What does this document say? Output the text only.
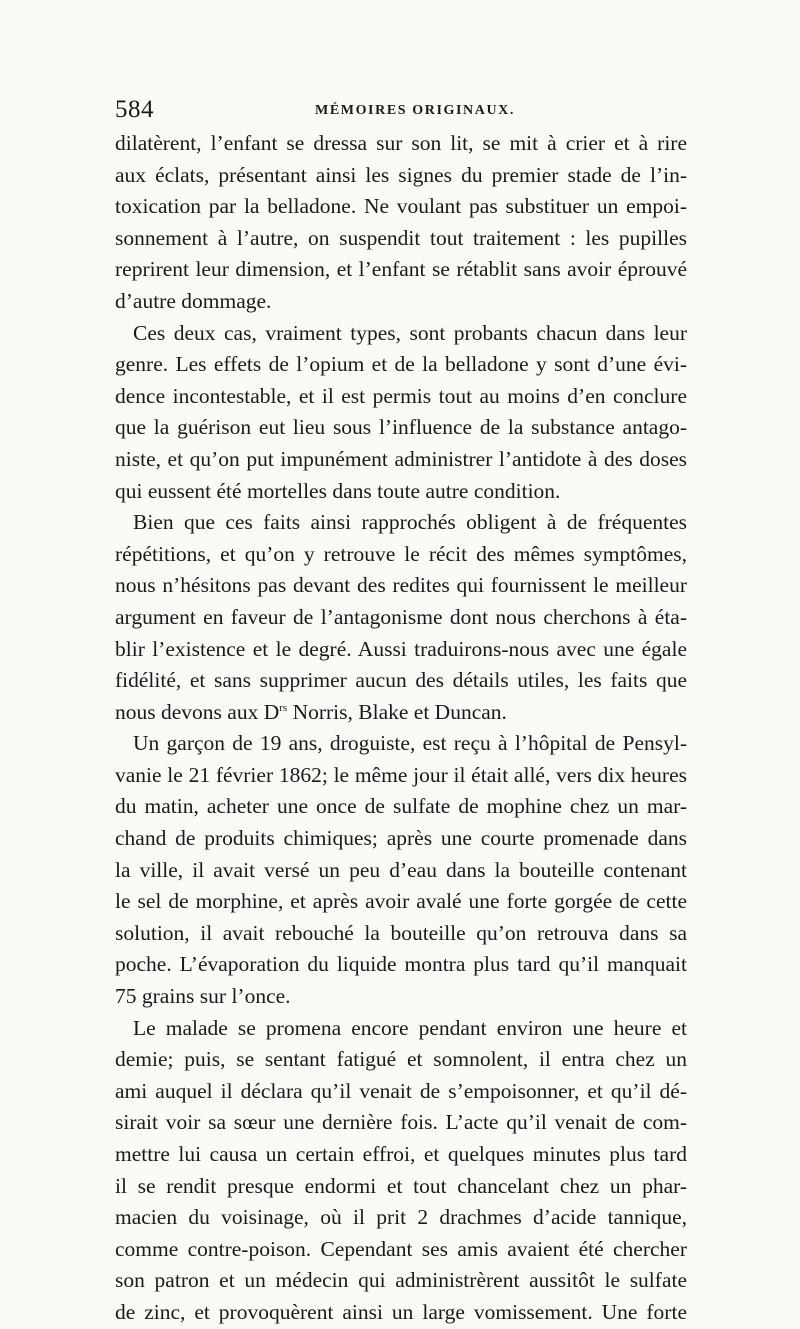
584	MÉMOIRES ORIGINAUX.
dilatèrent, l’enfant se dressa sur son lit, se mit à crier et à rire
aux éclats, présentant ainsi les signes du premier stade de l’in-
toxication par la belladone. Ne voulant pas substituer un empoi-
sonnement à l’autre, on suspendit tout traitement : les pupilles
reprirent leur dimension, et l’enfant se rétablit sans avoir éprouvé
d’autre dommage.
Ces deux cas, vraiment types, sont probants chacun dans leur
genre. Les effets de l’opium et de la belladone y sont d’une évi-
dence incontestable, et il est permis tout au moins d’en conclure
que la guérison eut lieu sous l’influence de la substance antago-
niste, et qu’on put impunément administrer l’antidote à des doses
qui eussent été mortelles dans toute autre condition.
Bien que ces faits ainsi rapprochés obligent à de fréquentes
répétitions, et qu’on y retrouve le récit des mêmes symptômes,
nous n’hésitons pas devant des redites qui fournissent le meilleur
argument en faveur de l’antagonisme dont nous cherchons à éta-
blir l’existence et le degré. Aussi traduirons-nous avec une égale
fidélité, et sans supprimer aucun des détails utiles, les faits que
nous devons aux $D^{rs}$ Norris, Blake et Duncan.
Un garçon de 19 ans, droguiste, est reçu à l’hôpital de Pensyl-
vanie le 21 février 1862; le même jour il était allé, vers dix heures
du matin, acheter une once de sulfate de mophine chez un mar-
chand de produits chimiques; après une courte promenade dans
la ville, il avait versé un peu d’eau dans la bouteille contenant
le sel de morphine, et après avoir avalé une forte gorgée de cette
solution, il avait rebouché la bouteille qu’on retrouva dans sa
poche. L’évaporation du liquide montra plus tard qu’il manquait
75 grains sur l’once.
Le malade se promena encore pendant environ une heure et
demie; puis, se sentant fatigué et somnolent, il entra chez un
ami auquel il déclara qu’il venait de s’empoisonner, et qu’il dé-
sirait voir sa sœur une dernière fois. L’acte qu’il venait de com-
mettre lui causa un certain effroi, et quelques minutes plus tard
il se rendit presque endormi et tout chancelant chez un phar-
macien du voisinage, où il prit 2 drachmes d’acide tannique,
comme contre-poison. Cependant ses amis avaient été chercher
son patron et un médecin qui administrèrent aussitôt le sulfate
de zinc, et provoquèrent ainsi un large vomissement. Une forte
